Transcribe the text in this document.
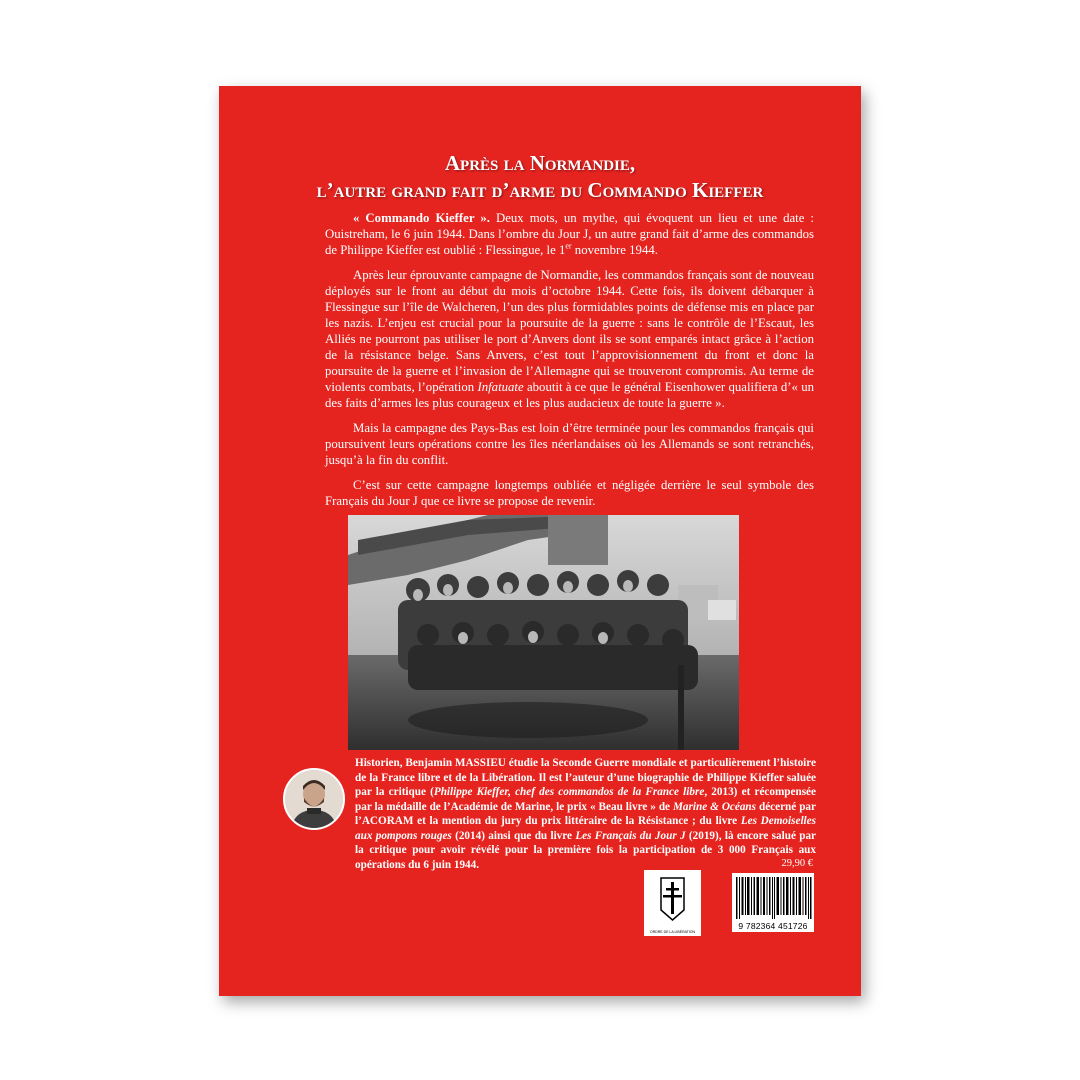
Après la Normandie,
l’autre grand fait d’arme du Commando Kieffer

« Commando Kieffer ». Deux mots, un mythe, qui évoquent un lieu et une date : Ouistreham, le 6 juin 1944. Dans l’ombre du Jour J, un autre grand fait d’arme des commandos de Philippe Kieffer est oublié : Flessingue, le 1er novembre 1944.

Après leur éprouvante campagne de Normandie, les commandos français sont de nouveau déployés sur le front au début du mois d’octobre 1944. Cette fois, ils doivent débarquer à Flessingue sur l’île de Walcheren, l’un des plus formidables points de défense mis en place par les nazis. L’enjeu est crucial pour la poursuite de la guerre : sans le contrôle de l’Escaut, les Alliés ne pourront pas utiliser le port d’Anvers dont ils se sont emparés intact grâce à l’action de la résistance belge. Sans Anvers, c’est tout l’approvisionnement du front et donc la poursuite de la guerre et l’invasion de l’Allemagne qui se trouveront compromis. Au terme de violents combats, l’opération Infatuate aboutit à ce que le général Eisenhower qualifiera d’« un des faits d’armes les plus courageux et les plus audacieux de toute la guerre ».

Mais la campagne des Pays-Bas est loin d’être terminée pour les commandos français qui poursuivent leurs opérations contre les îles néerlandaises où les Allemands se sont retranchés, jusqu’à la fin du conflit.

C’est sur cette campagne longtemps oubliée et négligée derrière le seul symbole des Français du Jour J que ce livre se propose de revenir.

Historien, Benjamin MASSIEU étudie la Seconde Guerre mondiale et particulièrement l’histoire de la France libre et de la Libération. Il est l’auteur d’une biographie de Philippe Kieffer saluée par la critique (Philippe Kieffer, chef des commandos de la France libre, 2013) et récompensée par la médaille de l’Académie de Marine, le prix « Beau livre » de Marine & Océans décerné par l’ACORAM et la mention du jury du prix littéraire de la Résistance ; du livre Les Demoiselles aux pompons rouges (2014) ainsi que du livre Les Français du Jour J (2019), là encore salué par la critique pour avoir révélé pour la première fois la participation de 3 000 Français aux opérations du 6 juin 1944.	29,90 €
ORDRE DE LA LIBÉRATION
9 782364 451726
